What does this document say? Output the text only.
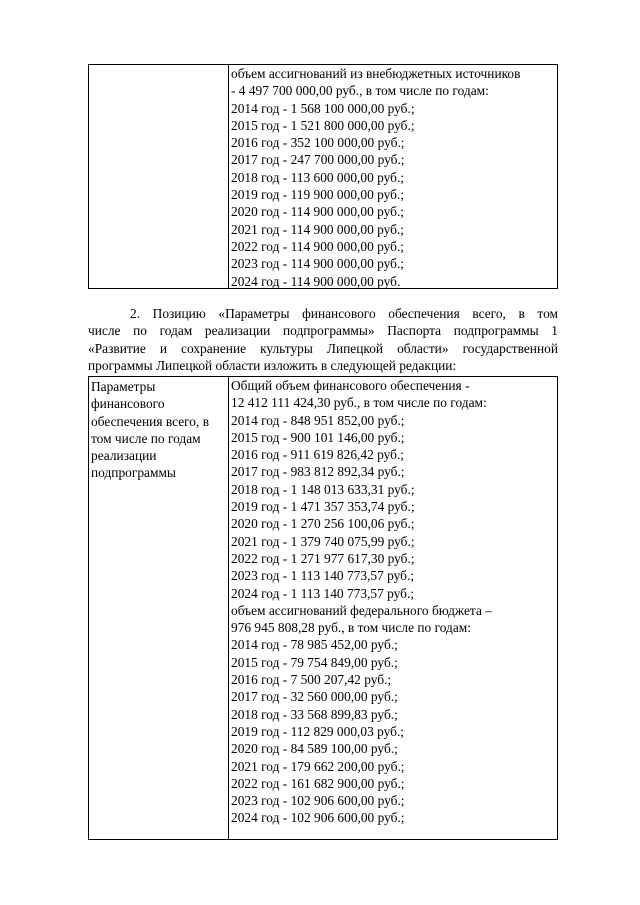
объем ассигнований из внебюджетных источников
- 4 497 700 000,00 руб., в том числе по годам:
2014 год - 1 568 100 000,00 руб.;
2015 год - 1 521 800 000,00 руб.;
2016 год - 352 100 000,00 руб.;
2017 год - 247 700 000,00 руб.;
2018 год - 113 600 000,00 руб.;
2019 год - 119 900 000,00 руб.;
2020 год - 114 900 000,00 руб.;
2021 год - 114 900 000,00 руб.;
2022 год - 114 900 000,00 руб.;
2023 год - 114 900 000,00 руб.;
2024 год - 114 900 000,00 руб.
2. Позицию «Параметры финансового обеспечения всего, в том
числе по годам реализации подпрограммы» Паспорта подпрограммы 1
«Развитие и сохранение культуры Липецкой области» государственной
программы Липецкой области изложить в следующей редакции:
Параметры
финансового
обеспечения всего, в
том числе по годам
реализации
подпрограммы
Общий объем финансового обеспечения -
12 412 111 424,30 руб., в том числе по годам:
2014 год - 848 951 852,00 руб.;
2015 год - 900 101 146,00 руб.;
2016 год - 911 619 826,42 руб.;
2017 год - 983 812 892,34 руб.;
2018 год - 1 148 013 633,31 руб.;
2019 год - 1 471 357 353,74 руб.;
2020 год - 1 270 256 100,06 руб.;
2021 год - 1 379 740 075,99 руб.;
2022 год - 1 271 977 617,30 руб.;
2023 год - 1 113 140 773,57 руб.;
2024 год - 1 113 140 773,57 руб.;
объем ассигнований федерального бюджета –
976 945 808,28 руб., в том числе по годам:
2014 год - 78 985 452,00 руб.;
2015 год - 79 754 849,00 руб.;
2016 год - 7 500 207,42 руб.;
2017 год - 32 560 000,00 руб.;
2018 год - 33 568 899,83 руб.;
2019 год - 112 829 000,03 руб.;
2020 год - 84 589 100,00 руб.;
2021 год - 179 662 200,00 руб.;
2022 год - 161 682 900,00 руб.;
2023 год - 102 906 600,00 руб.;
2024 год - 102 906 600,00 руб.;
